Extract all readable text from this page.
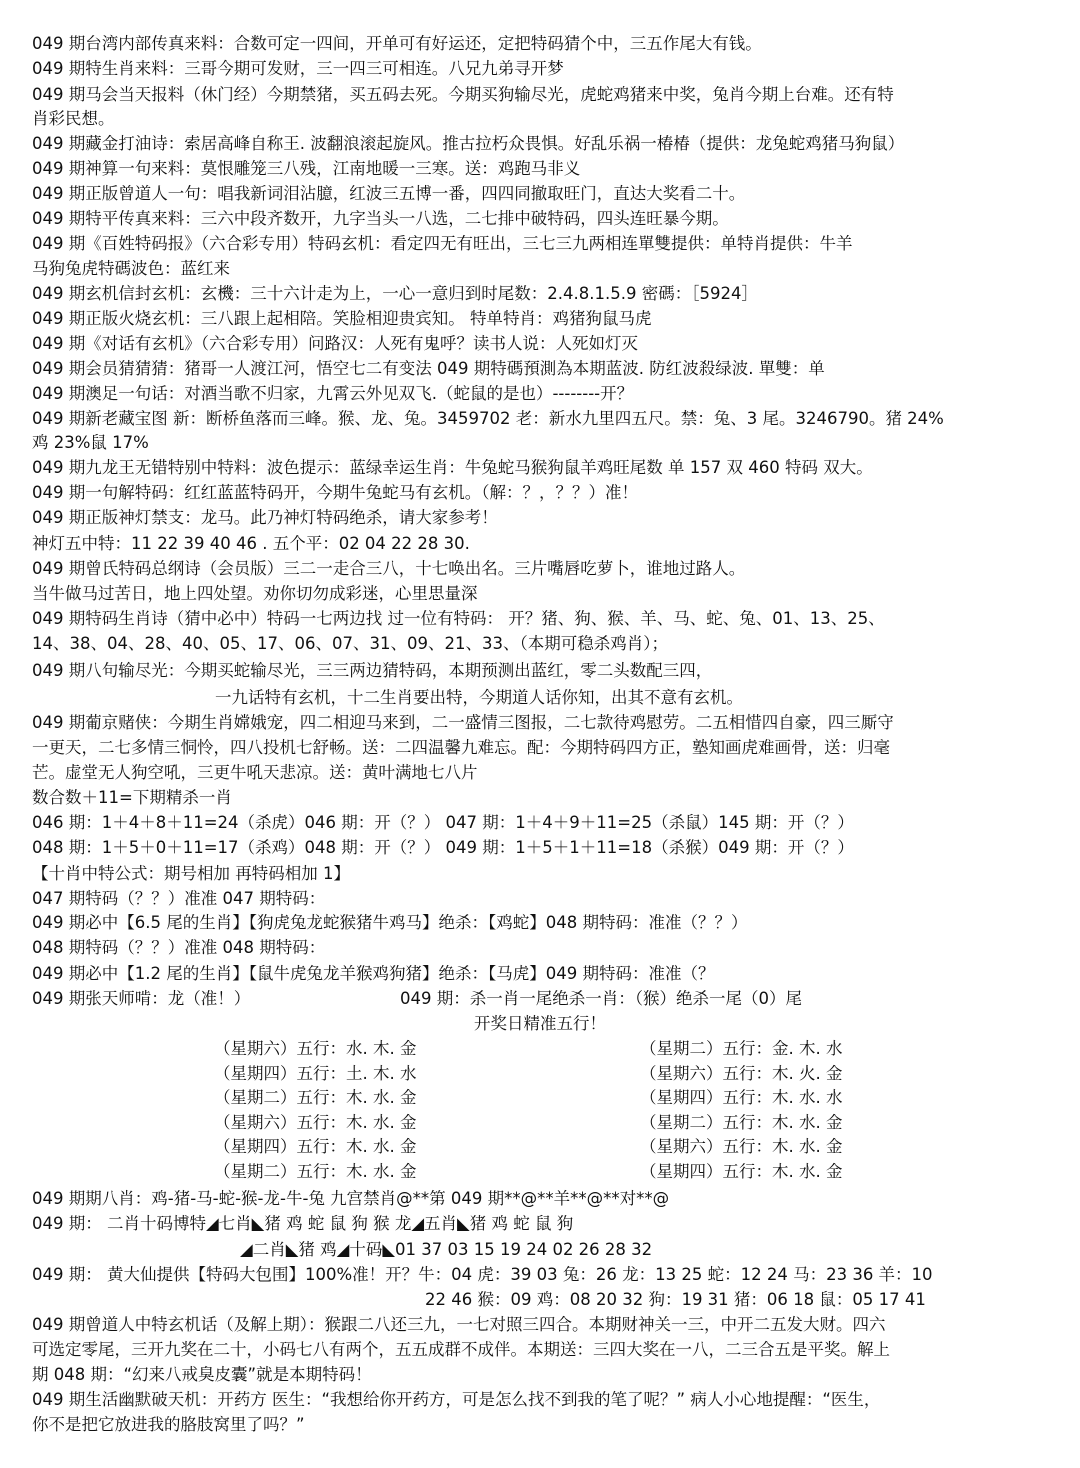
049 期台湾内部传真来料：合数可定一四间，开单可有好运还，定把特码猜个中，三五作尾大有钱。
049 期特生肖来料：三哥今期可发财，三一四三可相连。八兄九弟寻开梦
049 期马会当天报料（休门经）今期禁猪，买五码去死。今期买狗输尽光，虎蛇鸡猪来中奖，兔肖今期上台难。还有特
肖彩民想。
049 期藏金打油诗：索居高峰自称王. 波翻浪滚起旋风。推古拉朽众畏惧。好乱乐祸一椿椿（提供：龙兔蛇鸡猪马狗鼠）
049 期神算一句来料：莫恨雕笼三八残，江南地暖一三寒。送：鸡跑马非义
049 期正版曾道人一句：唱我新词泪沾臆，红波三五博一番，四四同撤取旺门，直达大奖看二十。
049 期特平传真来料：三六中段齐数开，九字当头一八选，二七排中破特码，四头连旺暴今期。
049 期《百姓特码报》（六合彩专用）特码玄机：看定四无有旺出，三七三九两相连單雙提供：单特肖提供：牛羊
马狗兔虎特碼波色：蓝红来
049 期玄机信封玄机：玄機：三十六计走为上，一心一意归到时尾数：2.4.8.1.5.9 密碼：［5924］
049 期正版火烧玄机：三八跟上起相陪。笑脸相迎贵宾知。 特单特肖：鸡猪狗鼠马虎
049 期《对话有玄机》（六合彩专用）问路汉：人死有鬼呼？读书人说：人死如灯灭
049 期会员猜猜猜：猪哥一人渡江河，悟空七二有变法 049 期特碼預測為本期蓝波. 防红波殺绿波. 單雙：单
049 期澳足一句话：对酒当歌不归家，九霄云外见双飞.（蛇鼠的是也）--------开？
049 期新老藏宝图 新：断桥鱼落而三峰。猴、龙、兔。3459702 老：新水九里四五尺。禁：兔、3 尾。3246790。猪 24%
鸡 23%鼠 17%
049 期九龙王无错特别中特料：波色提示：蓝绿幸运生肖：牛兔蛇马猴狗鼠羊鸡旺尾数 单 157 双 460 特码 双大。
049 期一句解特码：红红蓝蓝特码开，今期牛兔蛇马有玄机。（解：？，？？）准！
049 期正版神灯禁支：龙马。此乃神灯特码绝杀，请大家参考！
神灯五中特：11 22 39 40 46 . 五个平：02 04 22 28 30.
049 期曾氏特码总纲诗（会员版）三二一走合三八，十七唤出名。三片嘴唇吃萝卜，谁地过路人。
当牛做马过苦日，地上四处望。劝你切勿成彩迷，心里思量深
049 期特码生肖诗（猜中必中）特码一七两边找 过一位有特码： 开？猪、狗、猴、羊、马、蛇、兔、01、13、25、
14、38、04、28、40、05、17、06、07、31、09、21、33、（本期可稳杀鸡肖）；
049 期八句输尽光：今期买蛇输尽光，三三两边猜特码，本期预测出蓝红，零二头数配三四，
一九话特有玄机，十二生肖要出特，今期道人话你知，出其不意有玄机。
049 期葡京赌侠：今期生肖嫦娥宠，四二相迎马来到，二一盛情三图报，二七款待鸡慰劳。二五相惜四自豪，四三厮守
一更天，二七多情三恫怜，四八投机七舒畅。送：二四温馨九难忘。配：今期特码四方正，塾知画虎难画骨，送：归毫
芒。虚堂无人狗空吼，三更牛吼天悲凉。送：黄叶满地七八片
数合数＋11=下期精杀一肖
046 期：1＋4＋8＋11=24（杀虎）046 期：开（？） 047 期：1＋4＋9＋11=25（杀鼠）145 期：开（？）
048 期：1＋5＋0＋11=17（杀鸡）048 期：开（？） 049 期：1＋5＋1＋11=18（杀猴）049 期：开（？）
【十肖中特公式：期号相加 再特码相加 1】
047 期特码（？？）准准 047 期特码：
049 期必中【6.5 尾的生肖】【狗虎兔龙蛇猴猪牛鸡马】绝杀：【鸡蛇】048 期特码：准准（？？）
048 期特码（？？）准准 048 期特码：
049 期必中【1.2 尾的生肖】【鼠牛虎兔龙羊猴鸡狗猪】绝杀：【马虎】049 期特码：准准（？
049 期张天师啃：龙（准！）	049 期：杀一肖一尾绝杀一肖：（猴）绝杀一尾（0）尾
开奖日精准五行！
（星期六）五行：水. 木. 金
（星期四）五行：土. 木. 水
（星期二）五行：木. 水. 金
（星期六）五行：木. 水. 金
（星期四）五行：木. 水. 金
（星期二）五行：木. 水. 金
（星期二）五行：金. 木. 水
（星期六）五行：木. 火. 金
（星期四）五行：木. 水. 水
（星期二）五行：木. 水. 金
（星期六）五行：木. 水. 金
（星期四）五行：木. 水. 金
049 期期八肖：鸡-猪-马-蛇-猴-龙-牛-兔 九宫禁肖@**第 049 期**@**羊**@**对**@
049 期： 二肖十码博特◢七肖◣猪 鸡 蛇 鼠 狗 猴 龙◢五肖◣猪 鸡 蛇 鼠 狗
◢二肖◣猪 鸡◢十码◣01 37 03 15 19 24 02 26 28 32
049 期： 黄大仙提供【特码大包围】100%准！开？牛：04 虎：39 03 兔：26 龙：13 25 蛇：12 24 马：23 36 羊：10
22 46 猴：09 鸡：08 20 32 狗：19 31 猪：06 18 鼠：05 17 41
049 期曾道人中特玄机话（及解上期）：猴跟二八还三九，一七对照三四合。本期财神关一三，中开二五发大财。四六
可选定零尾，三开九奖在二十，小码七八有两个，五五成群不成伴。本期送：三四大奖在一八，二三合五是平奖。解上
期 048 期：“幻来八戒臭皮囊”就是本期特码！
049 期生活幽默破天机：开药方 医生：“我想给你开药方，可是怎么找不到我的笔了呢？” 病人小心地提醒：“医生，
你不是把它放进我的胳肢窝里了吗？”
